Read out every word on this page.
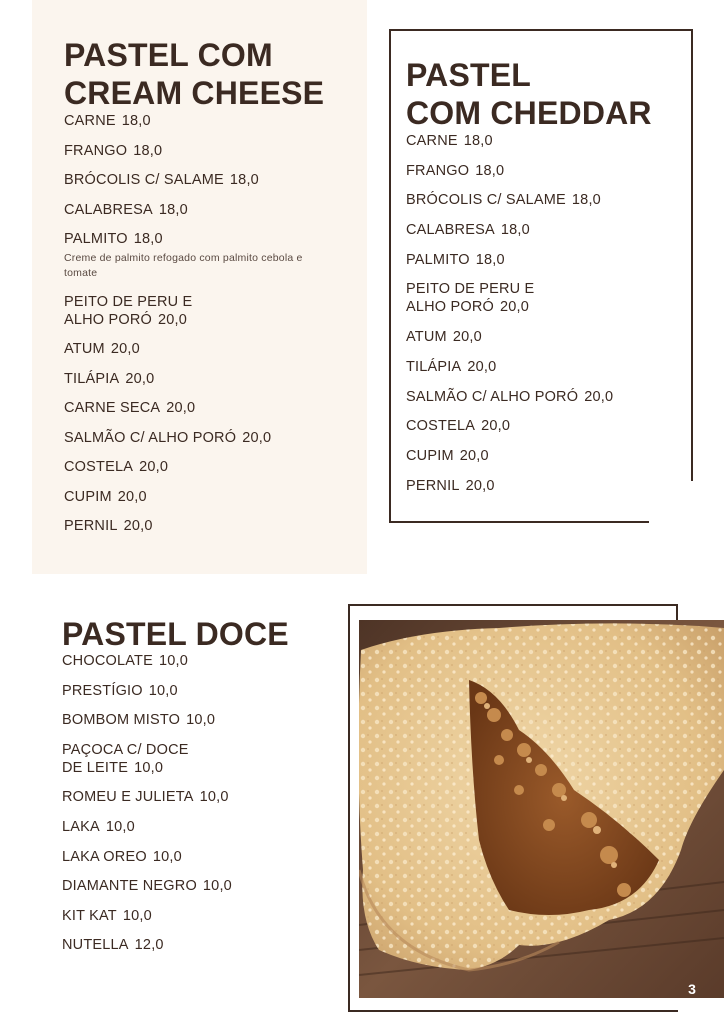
PASTEL COM
CREAM CHEESE
CARNE 18,0
FRANGO 18,0
BRÓCOLIS C/ SALAME 18,0
CALABRESA 18,0
PALMITO 18,0
Creme de palmito refogado com palmito cebola e tomate
PEITO DE PERU E
ALHO PORÓ 20,0
ATUM 20,0
TILÁPIA 20,0
CARNE SECA 20,0
SALMÃO C/ ALHO PORÓ 20,0
COSTELA 20,0
CUPIM 20,0
PERNIL 20,0
PASTEL
COM CHEDDAR
CARNE 18,0
FRANGO 18,0
BRÓCOLIS C/ SALAME 18,0
CALABRESA 18,0
PALMITO 18,0
PEITO DE PERU E
ALHO PORÓ 20,0
ATUM 20,0
TILÁPIA 20,0
SALMÃO C/ ALHO PORÓ 20,0
COSTELA 20,0
CUPIM 20,0
PERNIL 20,0
PASTEL DOCE
CHOCOLATE 10,0
PRESTÍGIO 10,0
BOMBOM MISTO 10,0
PAÇOCA C/ DOCE
DE LEITE 10,0
ROMEU E JULIETA 10,0
LAKA 10,0
LAKA OREO 10,0
DIAMANTE NEGRO 10,0
KIT KAT 10,0
NUTELLA 12,0
3
